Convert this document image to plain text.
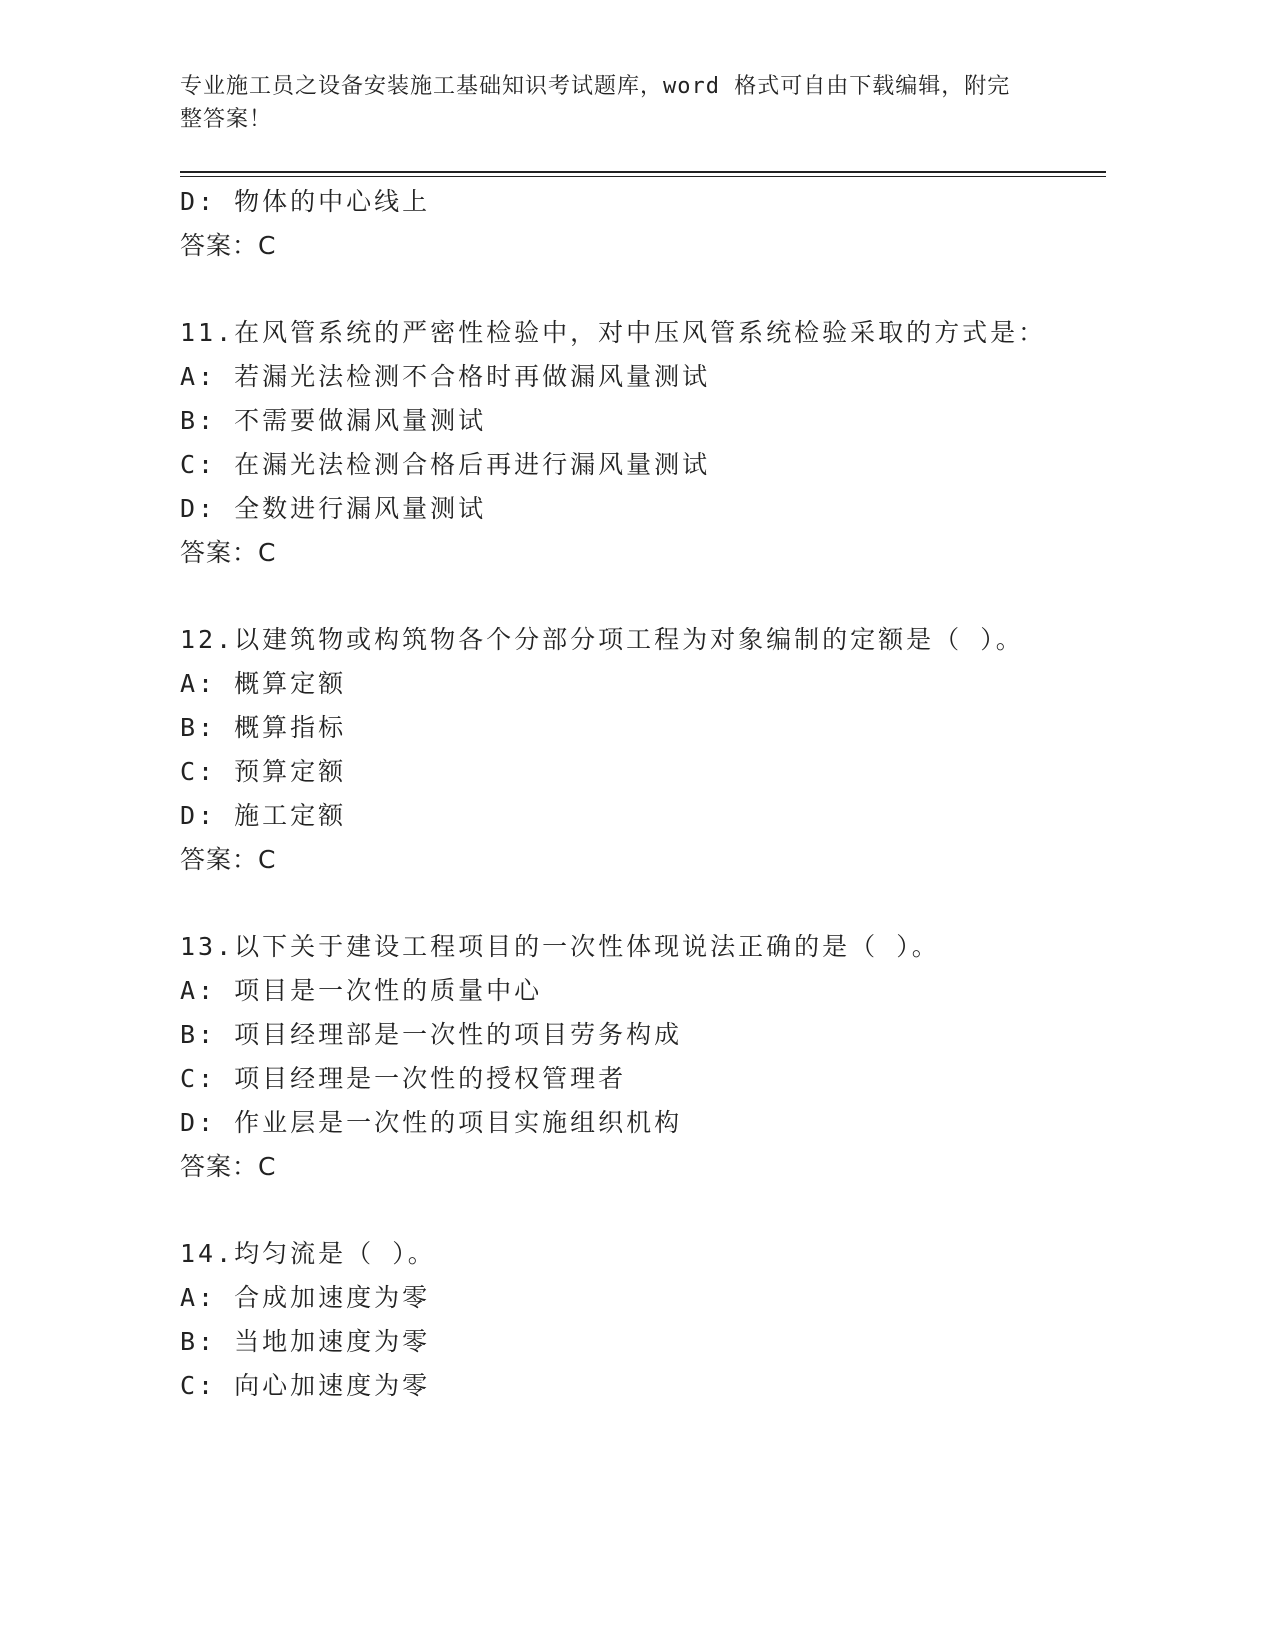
专业施工员之设备安装施工基础知识考试题库，word 格式可自由下载编辑，附完
整答案！
D: 物体的中心线上
答案：C
11.在风管系统的严密性检验中，对中压风管系统检验采取的方式是：
A: 若漏光法检测不合格时再做漏风量测试
B: 不需要做漏风量测试
C: 在漏光法检测合格后再进行漏风量测试
D: 全数进行漏风量测试
答案：C
12.以建筑物或构筑物各个分部分项工程为对象编制的定额是（ ）。
A: 概算定额
B: 概算指标
C: 预算定额
D: 施工定额
答案：C
13.以下关于建设工程项目的一次性体现说法正确的是（ ）。
A: 项目是一次性的质量中心
B: 项目经理部是一次性的项目劳务构成
C: 项目经理是一次性的授权管理者
D: 作业层是一次性的项目实施组织机构
答案：C
14.均匀流是（ ）。
A: 合成加速度为零
B: 当地加速度为零
C: 向心加速度为零
